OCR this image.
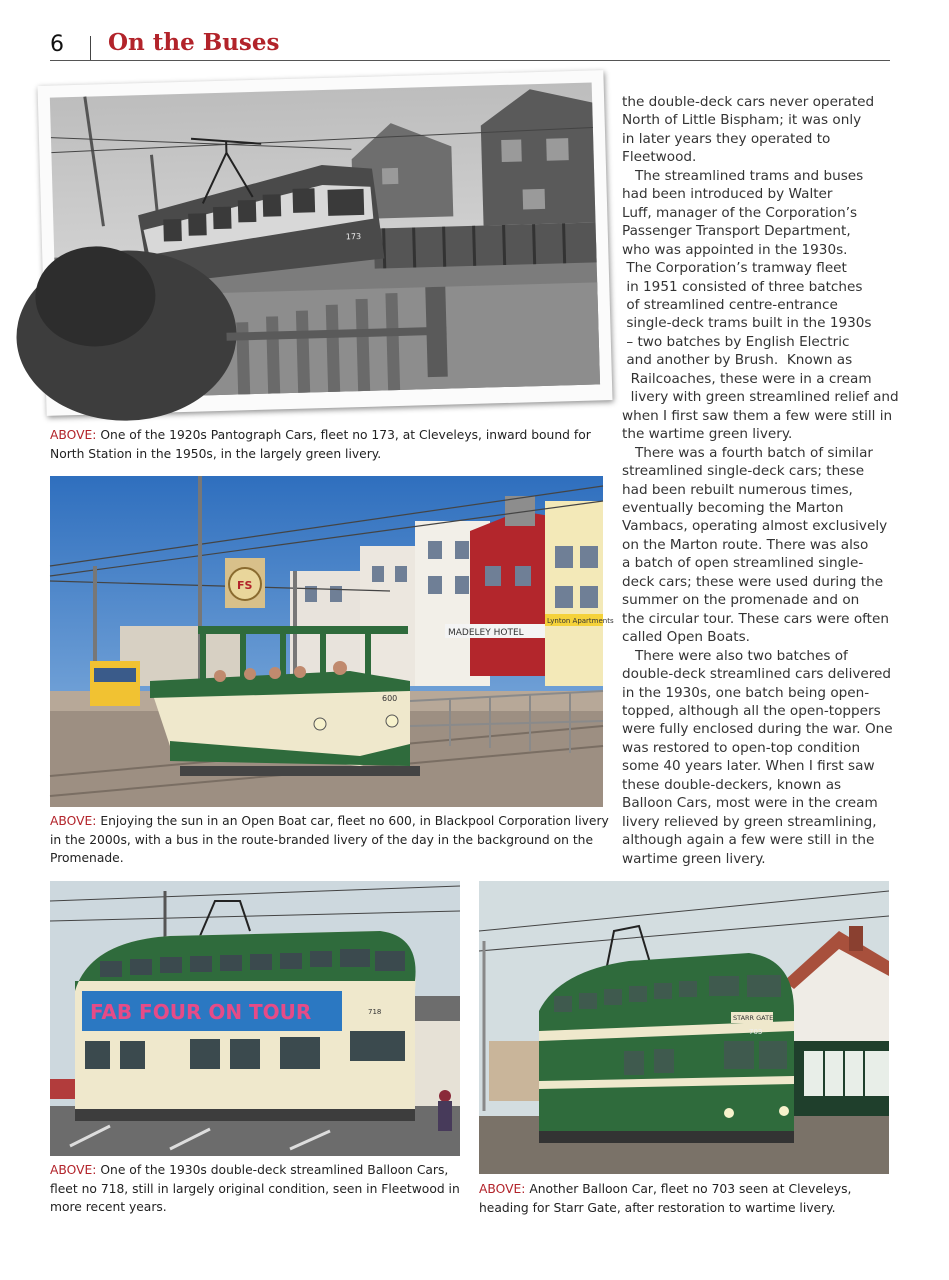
6 On the Buses
173
ABOVE: One of the 1920s Pantograph Cars, fleet no 173, at Cleveleys, inward bound for North Station in the 1950s, in the largely green livery.
MADELEY HOTEL
Lynton Apartments
600
FS
ABOVE: Enjoying the sun in an Open Boat car, fleet no 600, in Blackpool Corporation livery in the 2000s, with a bus in the route-branded livery of the day in the background on the Promenade.
the double-deck cars never operated
North of Little Bispham; it was only
in later years they operated to
Fleetwood.
The streamlined trams and buses
had been introduced by Walter
Luff, manager of the Corporation’s
Passenger Transport Department,
who was appointed in the 1930s.
The Corporation’s tramway fleet
in 1951 consisted of three batches
of streamlined centre-entrance
single-deck trams built in the 1930s
– two batches by English Electric
and another by Brush.  Known as
Railcoaches, these were in a cream
livery with green streamlined relief and
when I first saw them a few were still in
the wartime green livery.
There was a fourth batch of similar
streamlined single-deck cars; these
had been rebuilt numerous times,
eventually becoming the Marton
Vambacs, operating almost exclusively
on the Marton route. There was also
a batch of open streamlined single-
deck cars; these were used during the
summer on the promenade and on
the circular tour. These cars were often
called Open Boats.
There were also two batches of
double-deck streamlined cars delivered
in the 1930s, one batch being open-
topped, although all the open-toppers
were fully enclosed during the war. One
was restored to open-top condition
some 40 years later. When I first saw
these double-deckers, known as
Balloon Cars, most were in the cream
livery relieved by green streamlining,
although again a few were still in the
wartime green livery.
FAB FOUR ON TOUR	718
ABOVE: One of the 1930s double-deck streamlined Balloon Cars, fleet no 718, still in largely original condition, seen in Fleetwood in more recent years.
STARR GATE
703
ABOVE: Another Balloon Car, fleet no 703 seen at Cleveleys, heading for Starr Gate, after restoration to wartime livery.
